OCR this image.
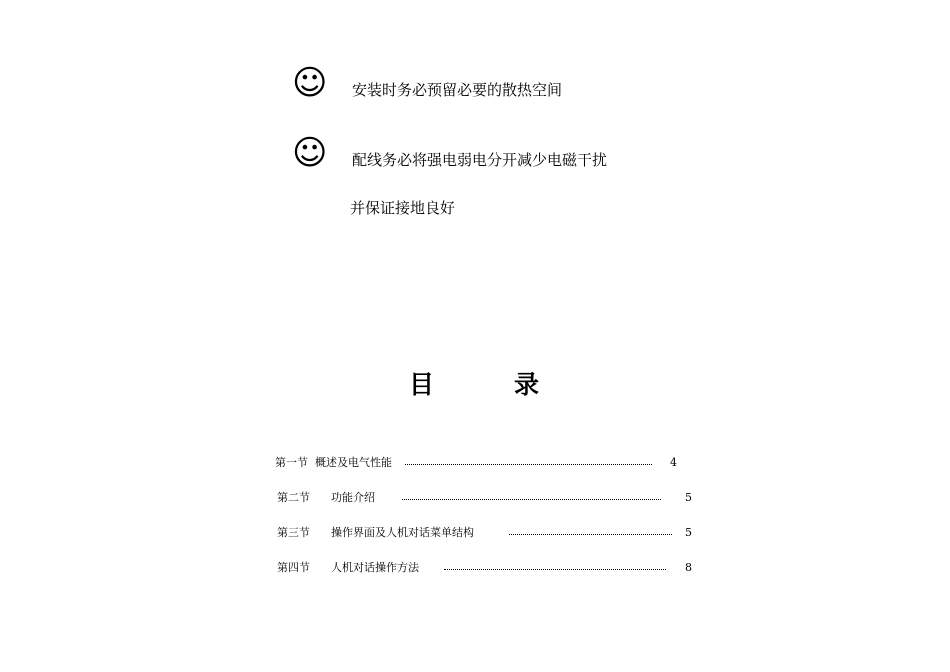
☺ 安装时务必预留必要的散热空间
☺ 配线务必将强电弱电分开减少电磁干扰
并保证接地良好
目	录
第一节 概述及电气性能	4
第二节 功能介绍	5
第三节 操作界面及人机对话菜单结构	5
第四节 人机对话操作方法	8
